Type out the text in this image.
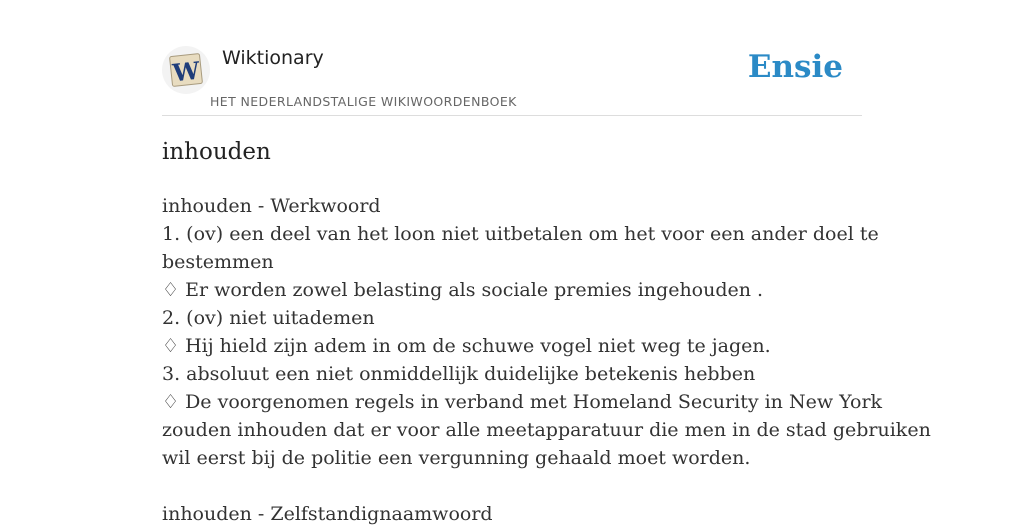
W Wiktionary
HET NEDERLANDSTALIGE WIKIWOORDENBOEK
Ensie
inhouden
inhouden - Werkwoord
1. (ov) een deel van het loon niet uitbetalen om het voor een ander doel te
bestemmen
♢ Er worden zowel belasting als sociale premies ingehouden .
2. (ov) niet uitademen
♢ Hij hield zijn adem in om de schuwe vogel niet weg te jagen.
3. absoluut een niet onmiddellijk duidelijke betekenis hebben
♢ De voorgenomen regels in verband met Homeland Security in New York
zouden inhouden dat er voor alle meetapparatuur die men in de stad gebruiken
wil eerst bij de politie een vergunning gehaald moet worden.
inhouden - Zelfstandignaamwoord
